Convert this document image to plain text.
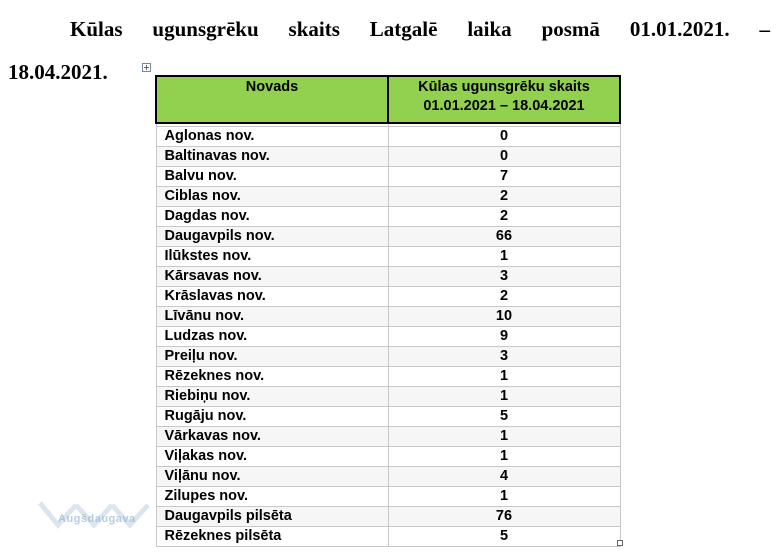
Kūlas ugunsgrēku skaits Latgalē laika posmā 01.01.2021. –
18.04.2021.
Novads	Kūlas ugunsgrēku skaits
01.01.2021 – 18.04.2021

Aglonas nov.	0
Baltinavas nov.	0
Balvu nov.	7
Ciblas nov.	2
Dagdas nov.	2
Daugavpils nov.	66
Ilūkstes nov.	1
Kārsavas nov.	3
Krāslavas nov.	2
Līvānu nov.	10
Ludzas nov.	9
Preiļu nov.	3
Rēzeknes nov.	1
Riebiņu nov.	1
Rugāju nov.	5
Vārkavas nov.	1
Viļakas nov.	1
Viļānu nov.	4
Zilupes nov.	1
Daugavpils pilsēta	76
Rēzeknes pilsēta	5
Augšdaugava
